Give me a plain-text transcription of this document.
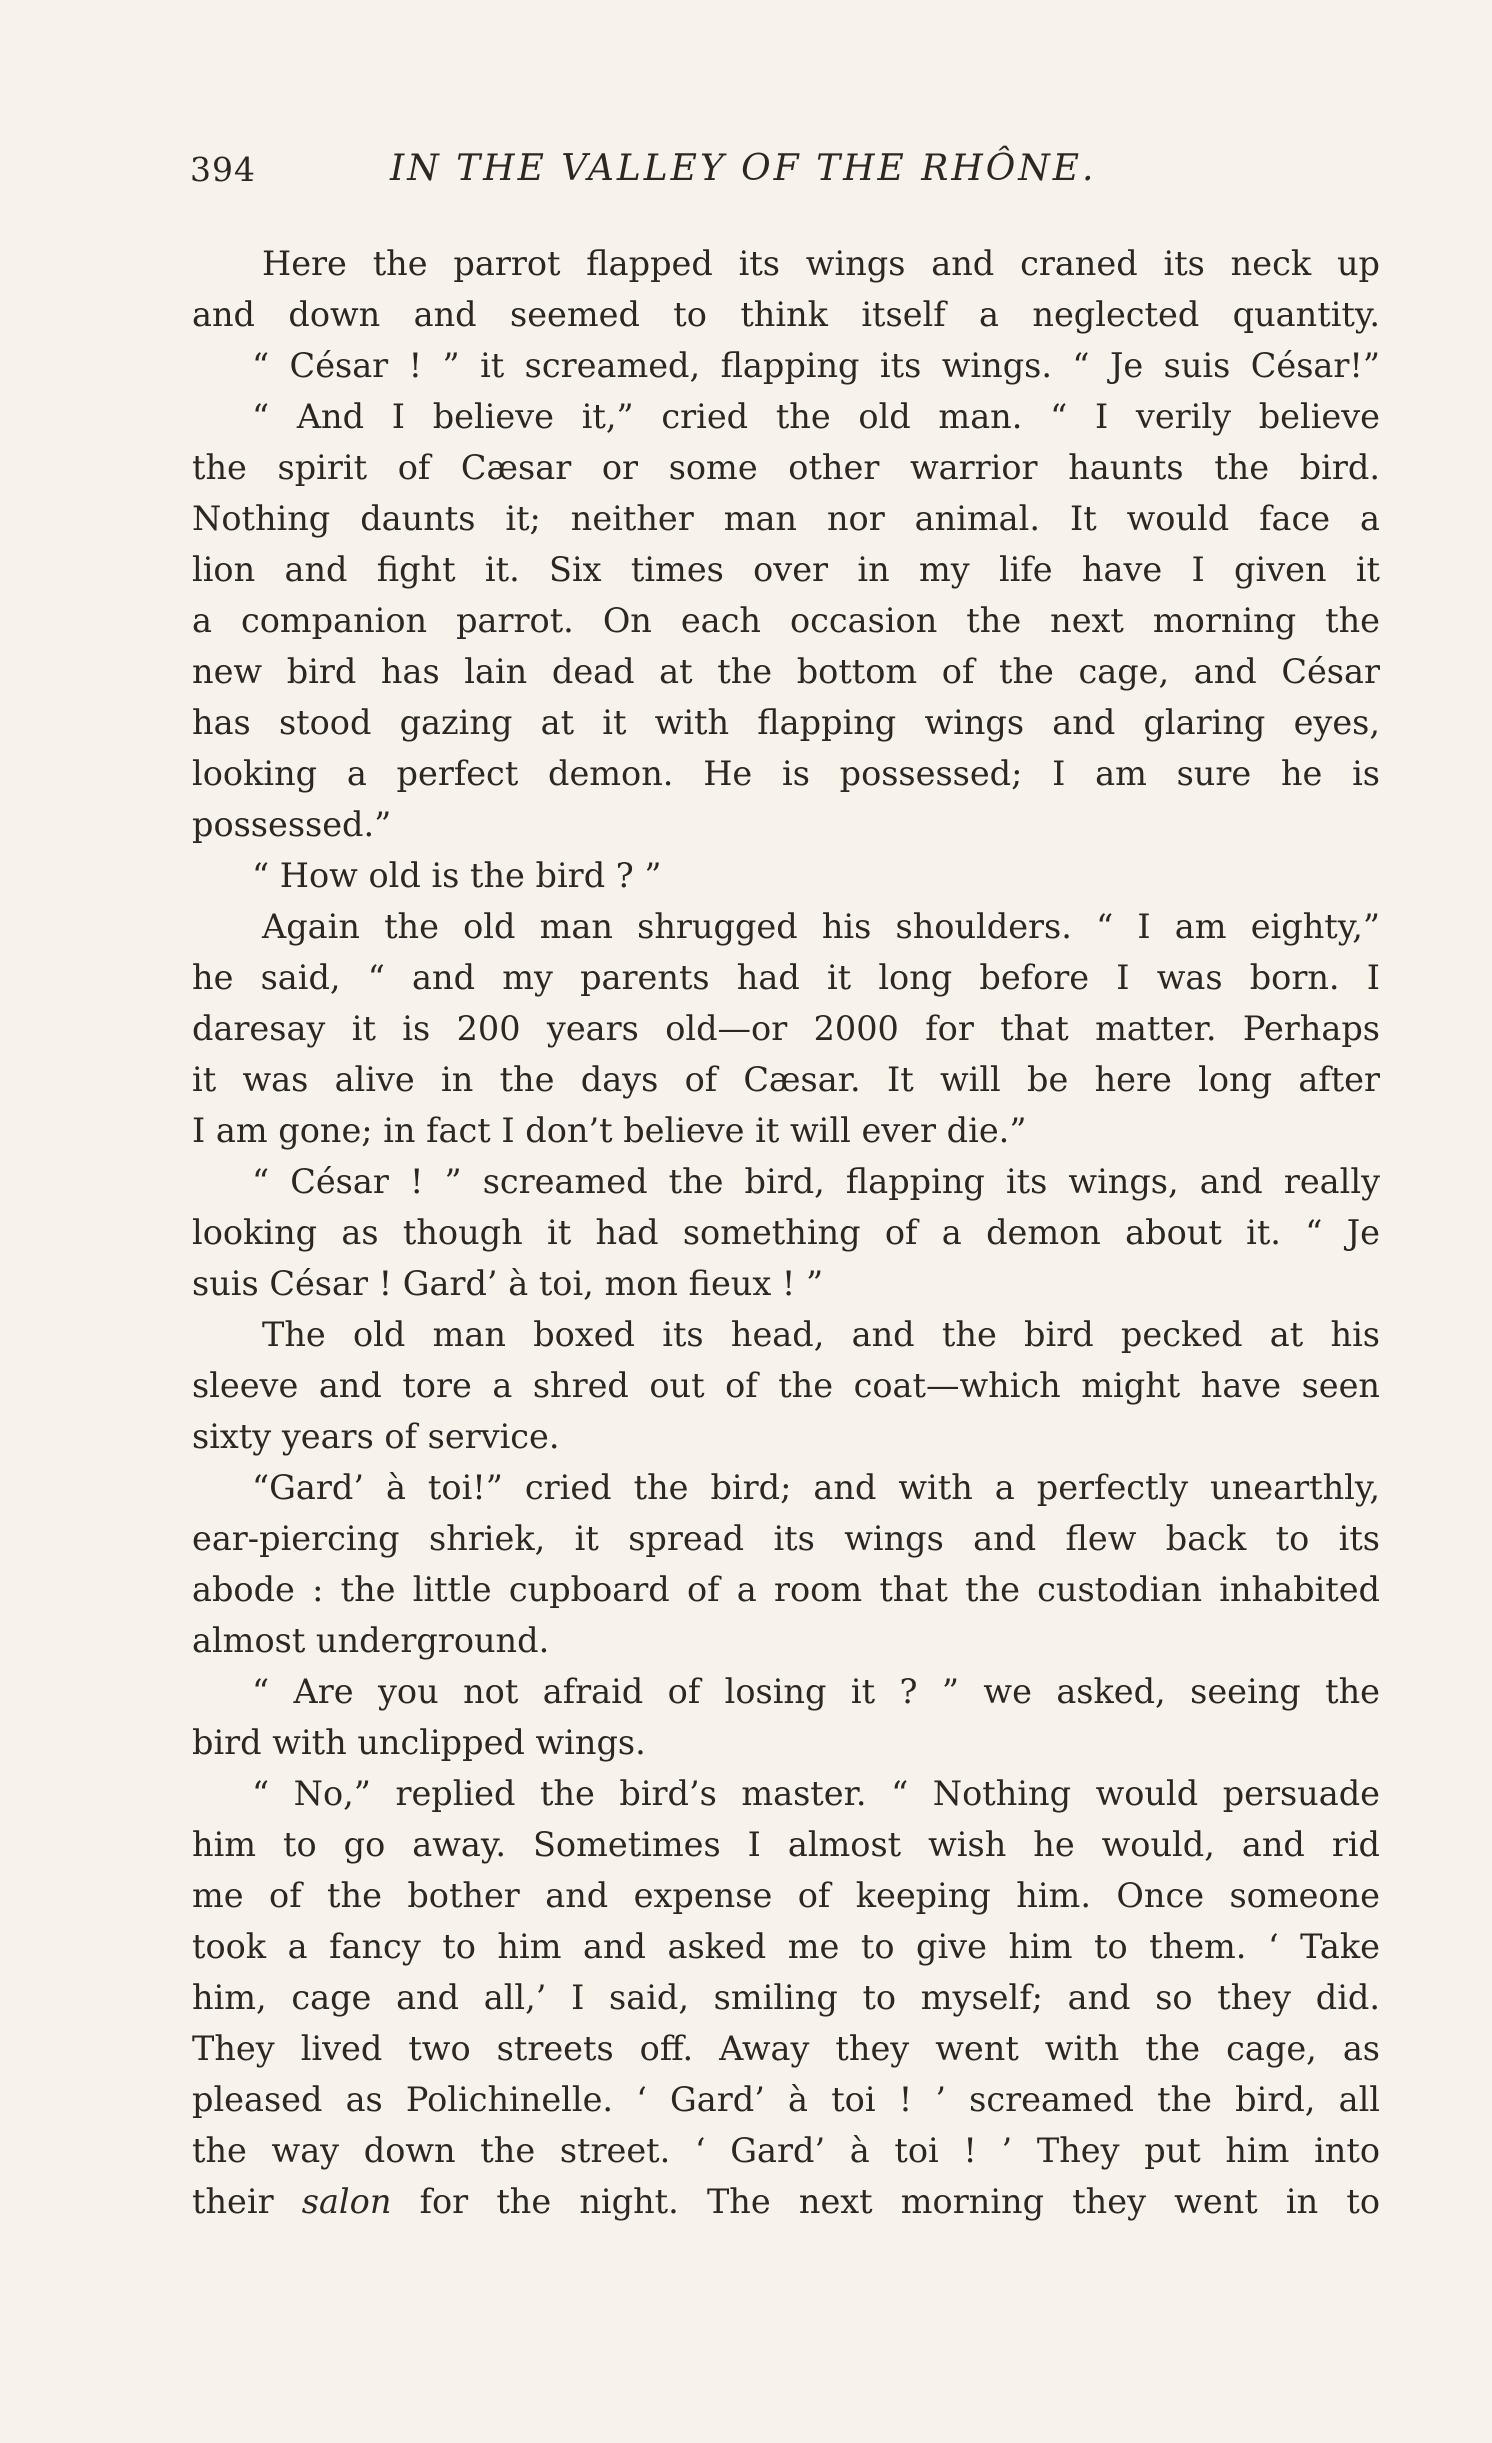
394	IN THE VALLEY OF THE RHÔNE.
Here the parrot flapped its wings and craned its neck up
and down and seemed to think itself a neglected quantity.
“ César ! ” it screamed, flapping its wings. “ Je suis César!”
“ And I believe it,” cried the old man. “ I verily believe
the spirit of Cæsar or some other warrior haunts the bird.
Nothing daunts it; neither man nor animal. It would face a
lion and fight it. Six times over in my life have I given it
a companion parrot. On each occasion the next morning the
new bird has lain dead at the bottom of the cage, and César
has stood gazing at it with flapping wings and glaring eyes,
looking a perfect demon. He is possessed; I am sure he is
possessed.”
“ How old is the bird ? ”
Again the old man shrugged his shoulders. “ I am eighty,”
he said, “ and my parents had it long before I was born. I
daresay it is 200 years old—or 2000 for that matter. Perhaps
it was alive in the days of Cæsar. It will be here long after
I am gone; in fact I don’t believe it will ever die.”
“ César ! ” screamed the bird, flapping its wings, and really
looking as though it had something of a demon about it. “ Je
suis César ! Gard’ à toi, mon fieux ! ”
The old man boxed its head, and the bird pecked at his
sleeve and tore a shred out of the coat—which might have seen
sixty years of service.
“Gard’ à toi!” cried the bird; and with a perfectly unearthly,
ear-piercing shriek, it spread its wings and flew back to its
abode : the little cupboard of a room that the custodian inhabited
almost underground.
“ Are you not afraid of losing it ? ” we asked, seeing the
bird with unclipped wings.
“ No,” replied the bird’s master. “ Nothing would persuade
him to go away. Sometimes I almost wish he would, and rid
me of the bother and expense of keeping him. Once someone
took a fancy to him and asked me to give him to them. ‘ Take
him, cage and all,’ I said, smiling to myself; and so they did.
They lived two streets off. Away they went with the cage, as
pleased as Polichinelle. ‘ Gard’ à toi ! ’ screamed the bird, all
the way down the street. ‘ Gard’ à toi ! ’ They put him into
their salon for the night. The next morning they went in to
